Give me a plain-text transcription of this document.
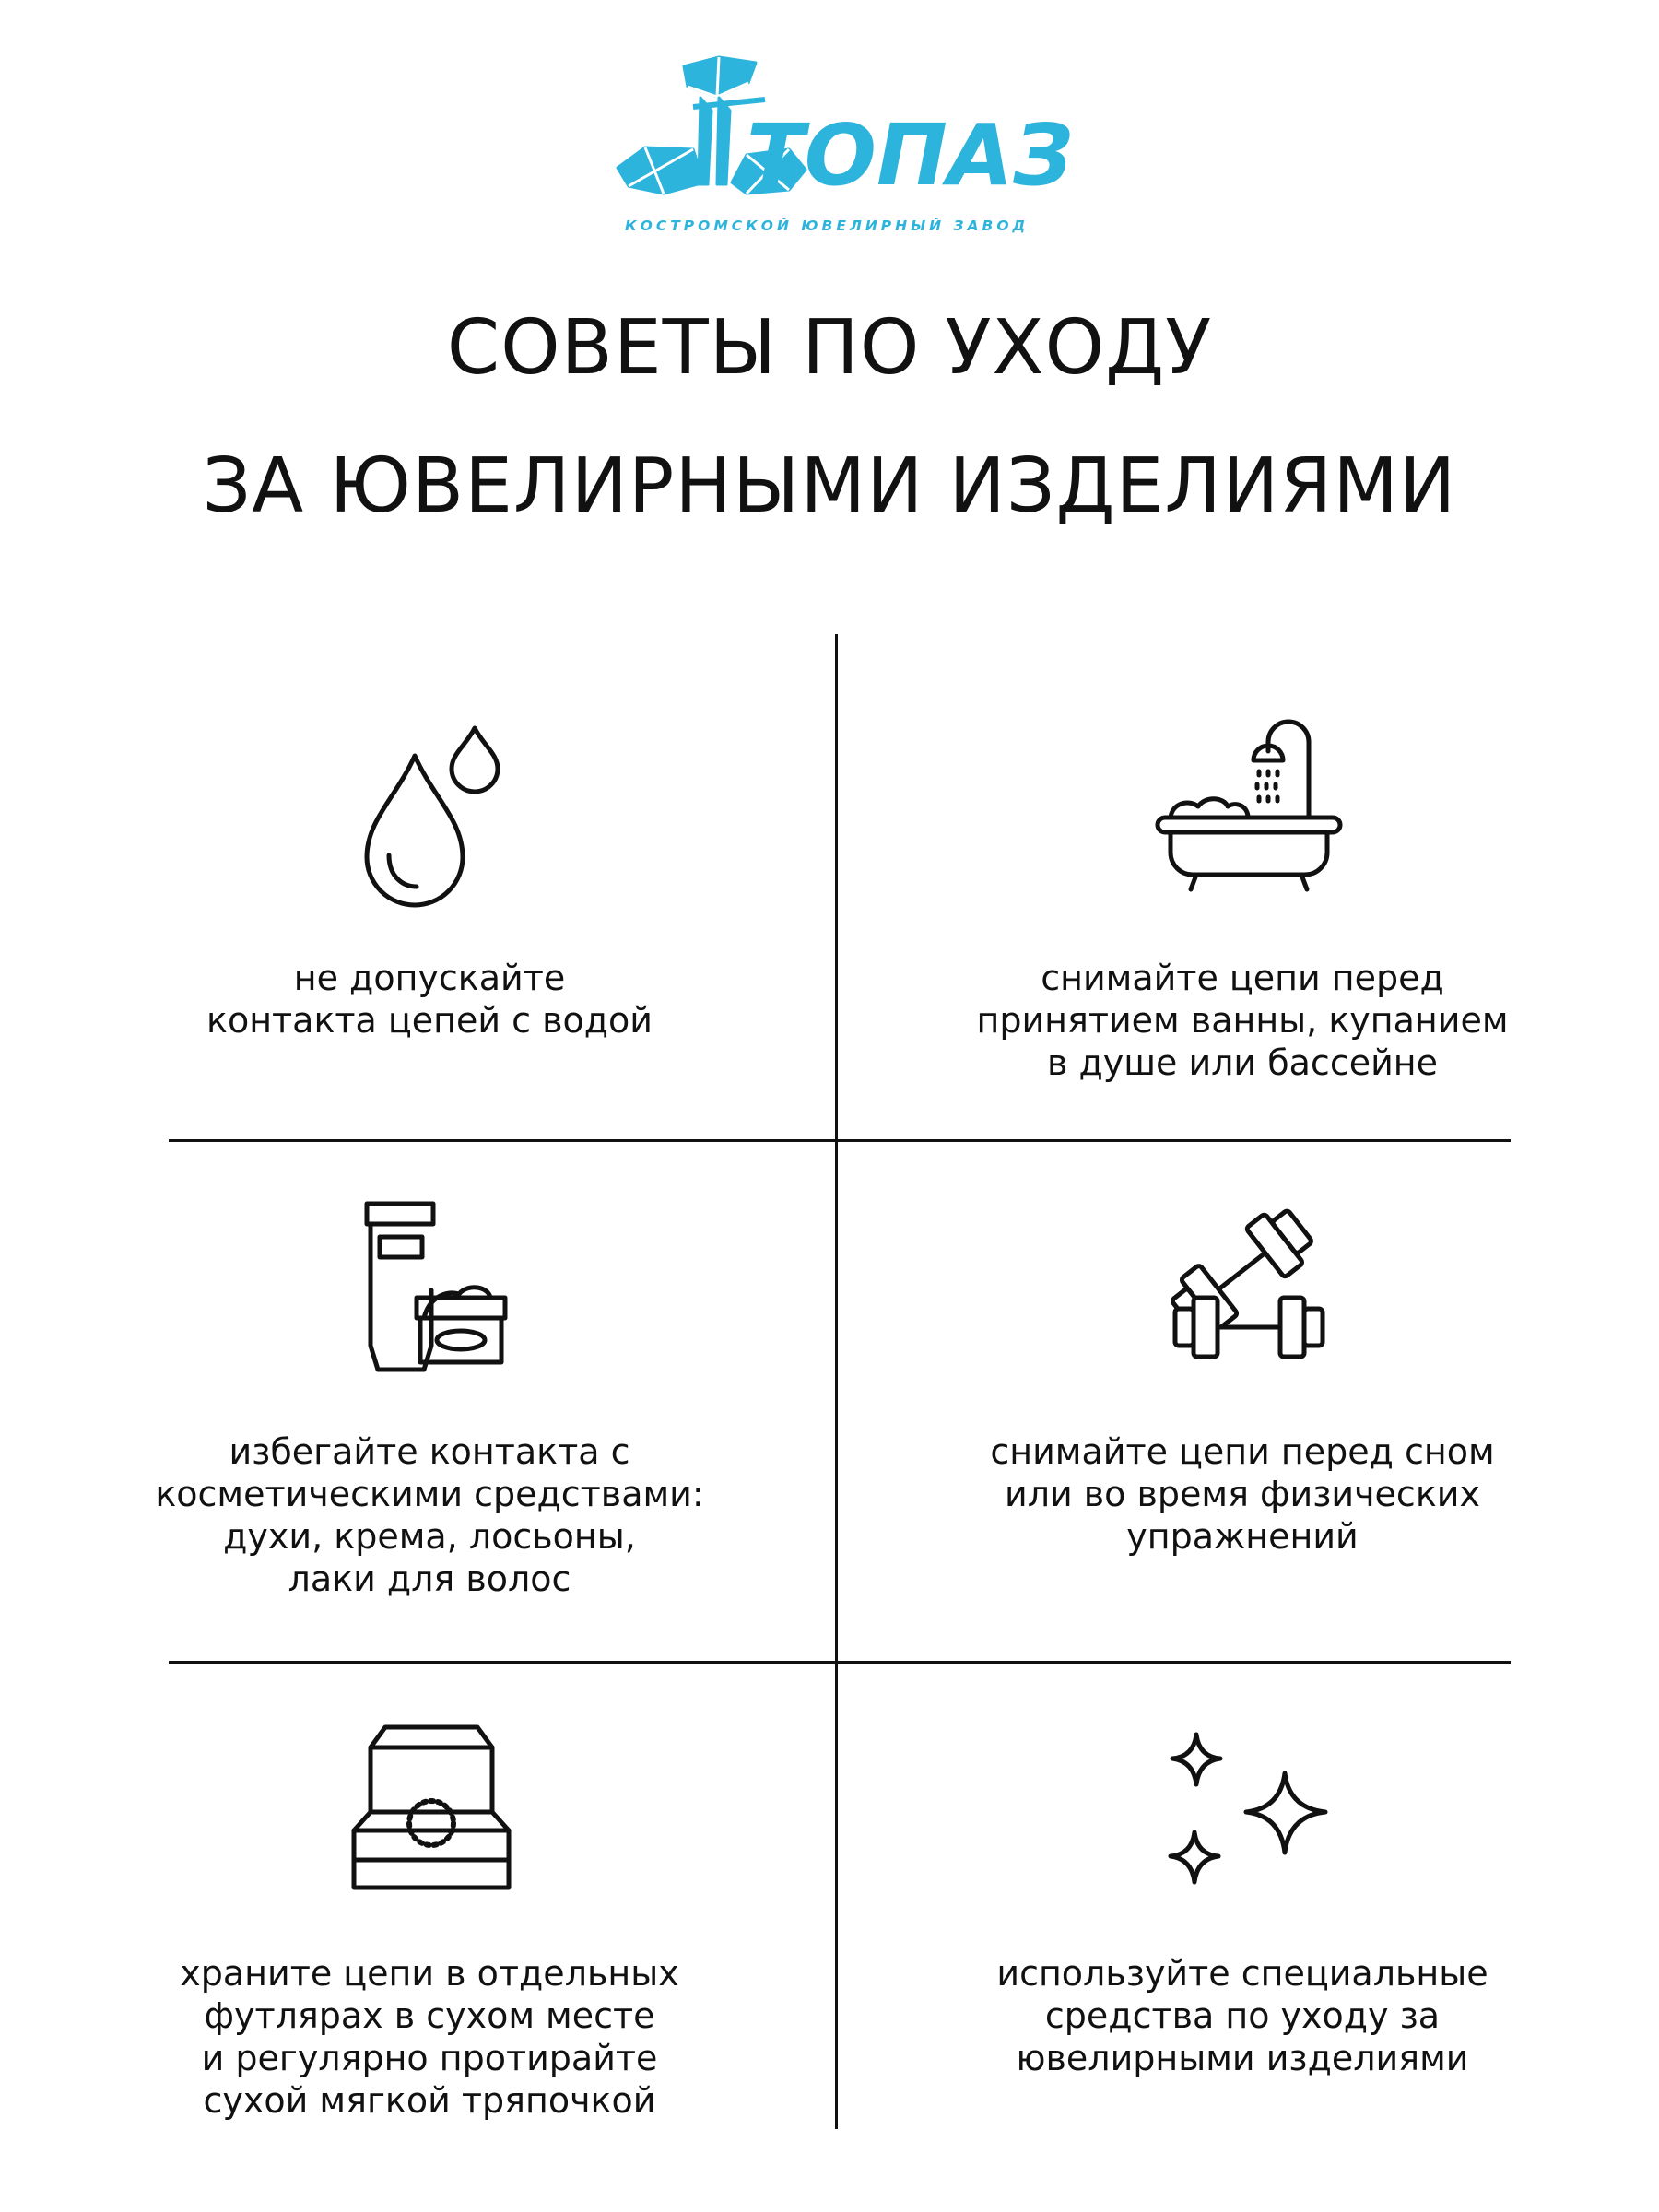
ТОПАЗ
КОСТРОМСКОЙ ЮВЕЛИРНЫЙ ЗАВОД
СОВЕТЫ ПО УХОДУ
ЗА ЮВЕЛИРНЫМИ ИЗДЕЛИЯМИ
не допускайте
контакта цепей с водой
снимайте цепи перед
принятием ванны, купанием
в душе или бассейне
избегайте контакта с
косметическими средствами:
духи, крема, лосьоны,
лаки для волос
снимайте цепи перед сном
или во время физических
упражнений
храните цепи в отдельных
футлярах в сухом месте
и регулярно протирайте
сухой мягкой тряпочкой
используйте специальные
средства по уходу за
ювелирными изделиями
